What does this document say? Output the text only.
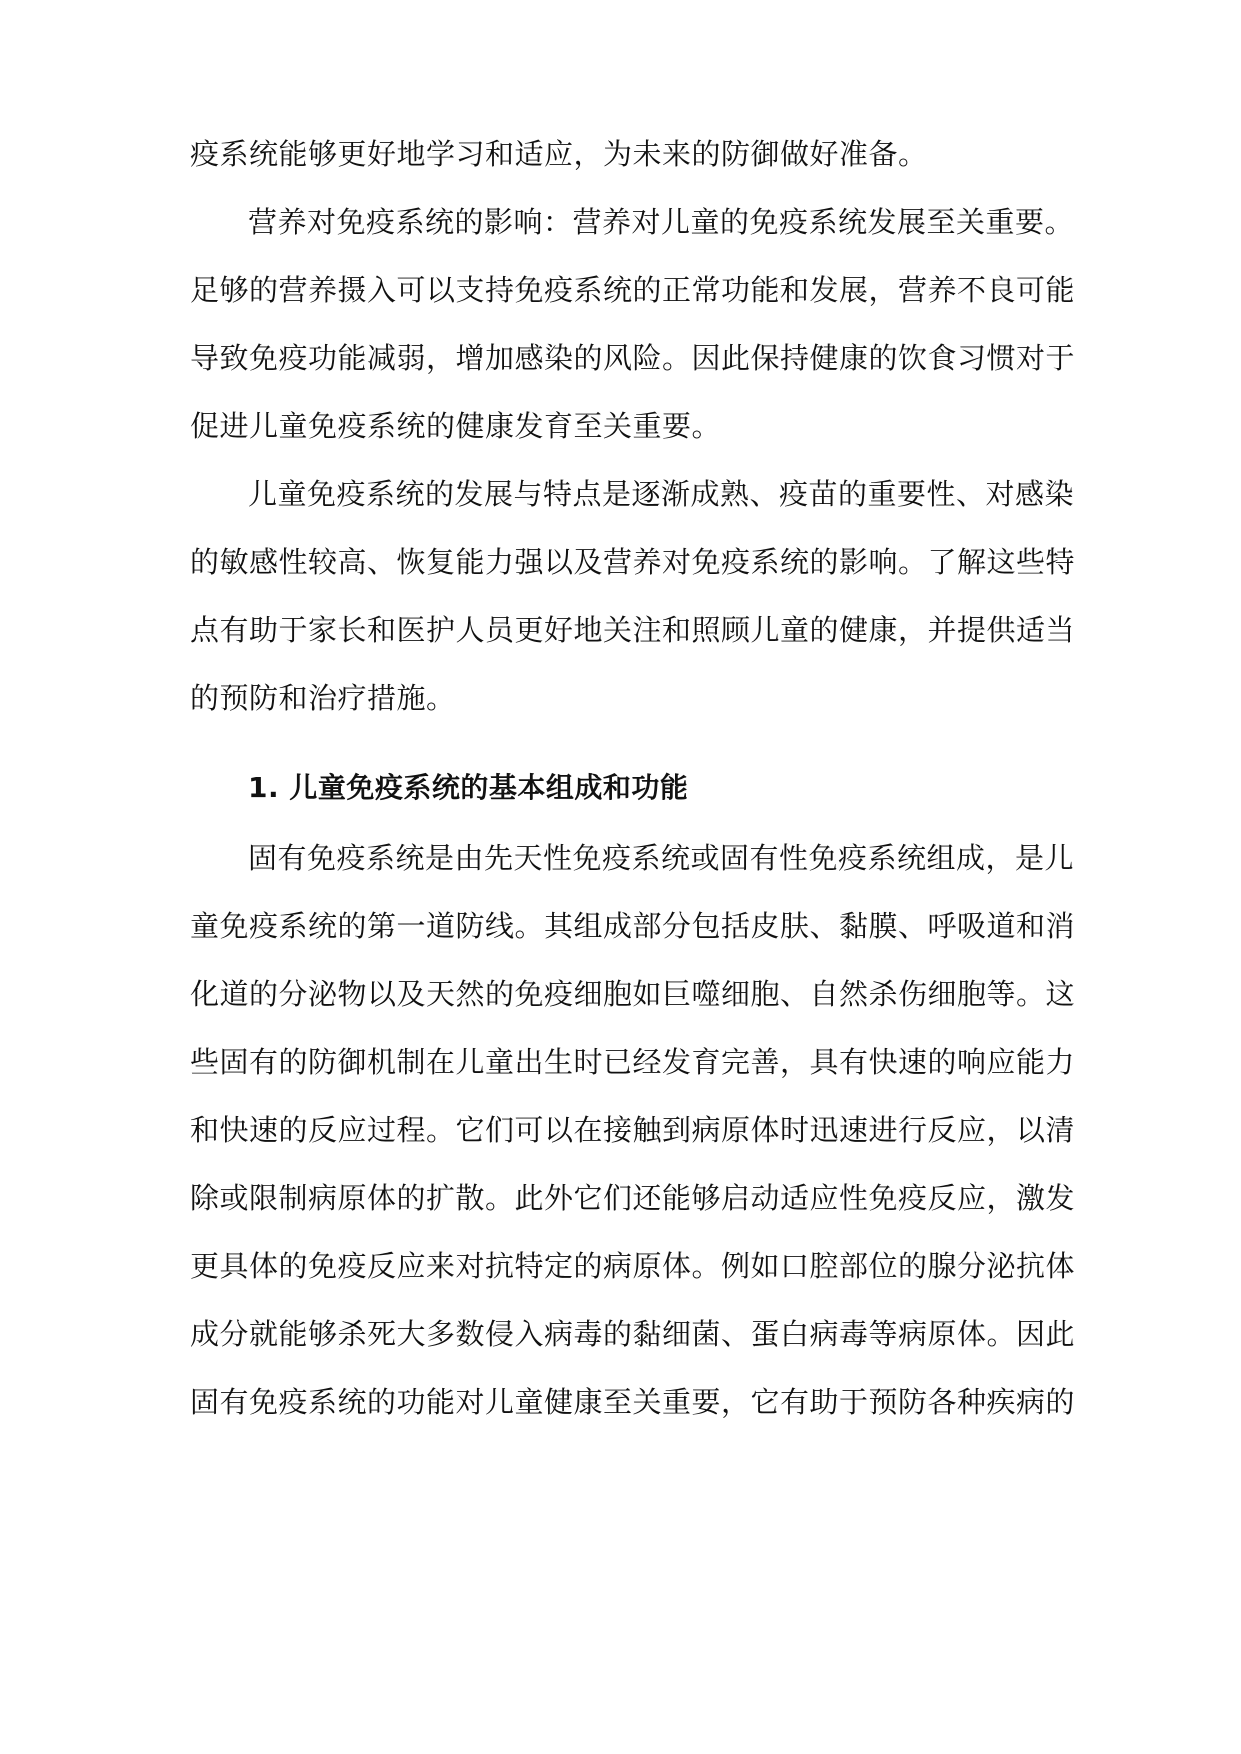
疫系统能够更好地学习和适应，为未来的防御做好准备。
营养对免疫系统的影响：营养对儿童的免疫系统发展至关重要。
足够的营养摄入可以支持免疫系统的正常功能和发展，营养不良可能
导致免疫功能减弱，增加感染的风险。因此保持健康的饮食习惯对于
促进儿童免疫系统的健康发育至关重要。
儿童免疫系统的发展与特点是逐渐成熟、疫苗的重要性、对感染
的敏感性较高、恢复能力强以及营养对免疫系统的影响。了解这些特
点有助于家长和医护人员更好地关注和照顾儿童的健康，并提供适当
的预防和治疗措施。
1. 儿童免疫系统的基本组成和功能
固有免疫系统是由先天性免疫系统或固有性免疫系统组成，是儿
童免疫系统的第一道防线。其组成部分包括皮肤、黏膜、呼吸道和消
化道的分泌物以及天然的免疫细胞如巨噬细胞、自然杀伤细胞等。这
些固有的防御机制在儿童出生时已经发育完善，具有快速的响应能力
和快速的反应过程。它们可以在接触到病原体时迅速进行反应，以清
除或限制病原体的扩散。此外它们还能够启动适应性免疫反应，激发
更具体的免疫反应来对抗特定的病原体。例如口腔部位的腺分泌抗体
成分就能够杀死大多数侵入病毒的黏细菌、蛋白病毒等病原体。因此
固有免疫系统的功能对儿童健康至关重要，它有助于预防各种疾病的
